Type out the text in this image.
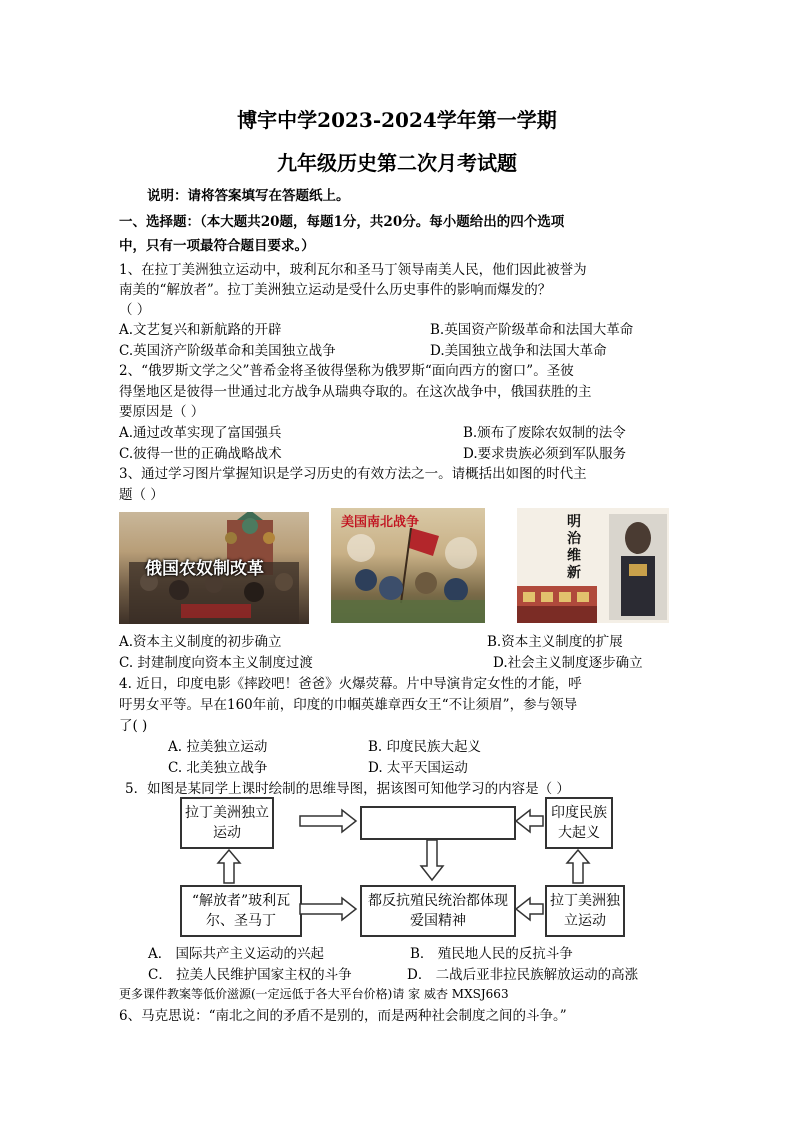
博宇中学2023-2024学年第一学期
九年级历史第二次月考试题
说明：请将答案填写在答题纸上。
一、选择题：（本大题共20题，每题1分，共20分。每小题给出的四个选项
中，只有一项最符合题目要求。）
1、在拉丁美洲独立运动中，玻利瓦尔和圣马丁领导南美人民，他们因此被誉为
南美的“解放者”。拉丁美洲独立运动是受什么历史事件的影响而爆发的？
（ ）
A.文艺复兴和新航路的开辟	B.英国资产阶级革命和法国大革命
C.英国济产阶级革命和美国独立战争	D.美国独立战争和法国大革命
2、“俄罗斯文学之父”普希金将圣彼得堡称为俄罗斯“面向西方的窗口”。圣彼
得堡地区是彼得一世通过北方战争从瑞典夺取的。在这次战争中，俄国获胜的主
要原因是（ ）
A.通过改革实现了富国强兵	B.颁布了废除农奴制的法令
C.彼得一世的正确战略战术	D.要求贵族必须到军队服务
3、通过学习图片掌握知识是学习历史的有效方法之一。请概括出如图的时代主
题（ ）
俄国农奴制改革
美国南北战争	明治维新
A.资本主义制度的初步确立	B.资本主义制度的扩展
C. 封建制度向资本主义制度过渡	D.社会主义制度逐步确立
4. 近日，印度电影《摔跤吧！爸爸》火爆荧幕。片中导演肯定女性的才能，呼
吁男女平等。早在160年前，印度的巾帼英雄章西女王“不让须眉”，参与领导
了( )
A. 拉美独立运动	B. 印度民族大起义
C. 北美独立战争	D. 太平天国运动
5．如图是某同学上课时绘制的思维导图，据该图可知他学习的内容是（ ）
拉丁美洲独立运动
印度民族大起义
“解放者”玻利瓦尔、圣马丁
都反抗殖民统治都体现爱国精神
拉丁美洲独立运动
A． 国际共产主义运动的兴起	B． 殖民地人民的反抗斗争
C． 拉美人民维护国家主权的斗争	D． 二战后亚非拉民族解放运动的高涨
更多课件教案等低价滋源(一定远低于各大平台价格)请 家 威杏 MXSJ663
6、马克思说：“南北之间的矛盾不是别的，而是两种社会制度之间的斗争。”
